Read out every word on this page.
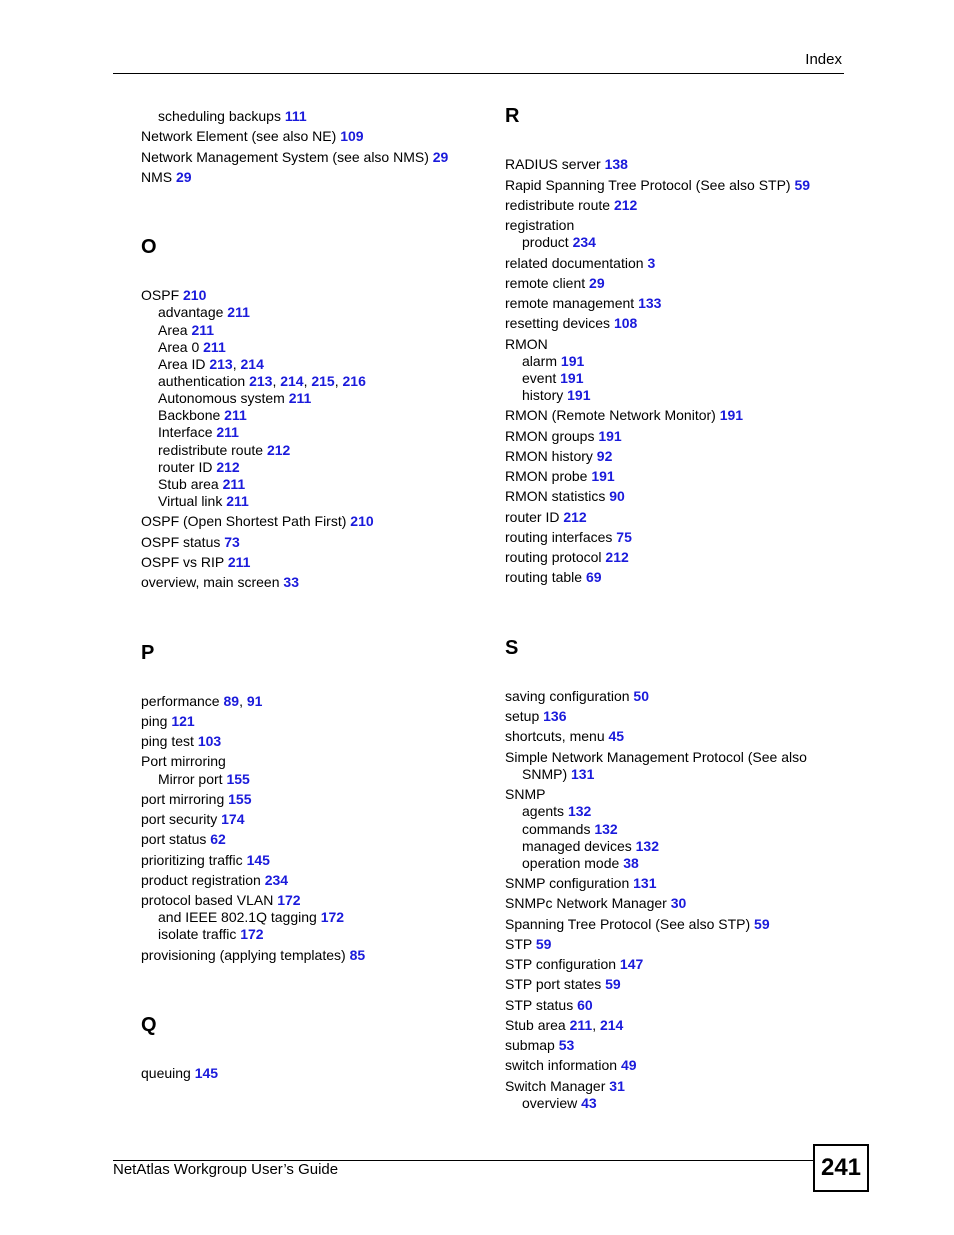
Index
scheduling backups 111
Network Element (see also NE) 109
Network Management System (see also NMS) 29
NMS 29
O
OSPF 210
advantage 211
Area 211
Area 0 211
Area ID 213, 214
authentication 213, 214, 215, 216
Autonomous system 211
Backbone 211
Interface 211
redistribute route 212
router ID 212
Stub area 211
Virtual link 211
OSPF (Open Shortest Path First) 210
OSPF status 73
OSPF vs RIP 211
overview, main screen 33
P
performance 89, 91
ping 121
ping test 103
Port mirroring
Mirror port 155
port mirroring 155
port security 174
port status 62
prioritizing traffic 145
product registration 234
protocol based VLAN 172
and IEEE 802.1Q tagging 172
isolate traffic 172
provisioning (applying templates) 85
Q
queuing 145
R
RADIUS server 138
Rapid Spanning Tree Protocol (See also STP) 59
redistribute route 212
registration
product 234
related documentation 3
remote client 29
remote management 133
resetting devices 108
RMON
alarm 191
event 191
history 191
RMON (Remote Network Monitor) 191
RMON groups 191
RMON history 92
RMON probe 191
RMON statistics 90
router ID 212
routing interfaces 75
routing protocol 212
routing table 69
S
saving configuration 50
setup 136
shortcuts, menu 45
Simple Network Management Protocol (See also SNMP) 131
SNMP
agents 132
commands 132
managed devices 132
operation mode 38
SNMP configuration 131
SNMPc Network Manager 30
Spanning Tree Protocol (See also STP) 59
STP 59
STP configuration 147
STP port states 59
STP status 60
Stub area 211, 214
submap 53
switch information 49
Switch Manager 31
overview 43
NetAtlas Workgroup User’s Guide	241
